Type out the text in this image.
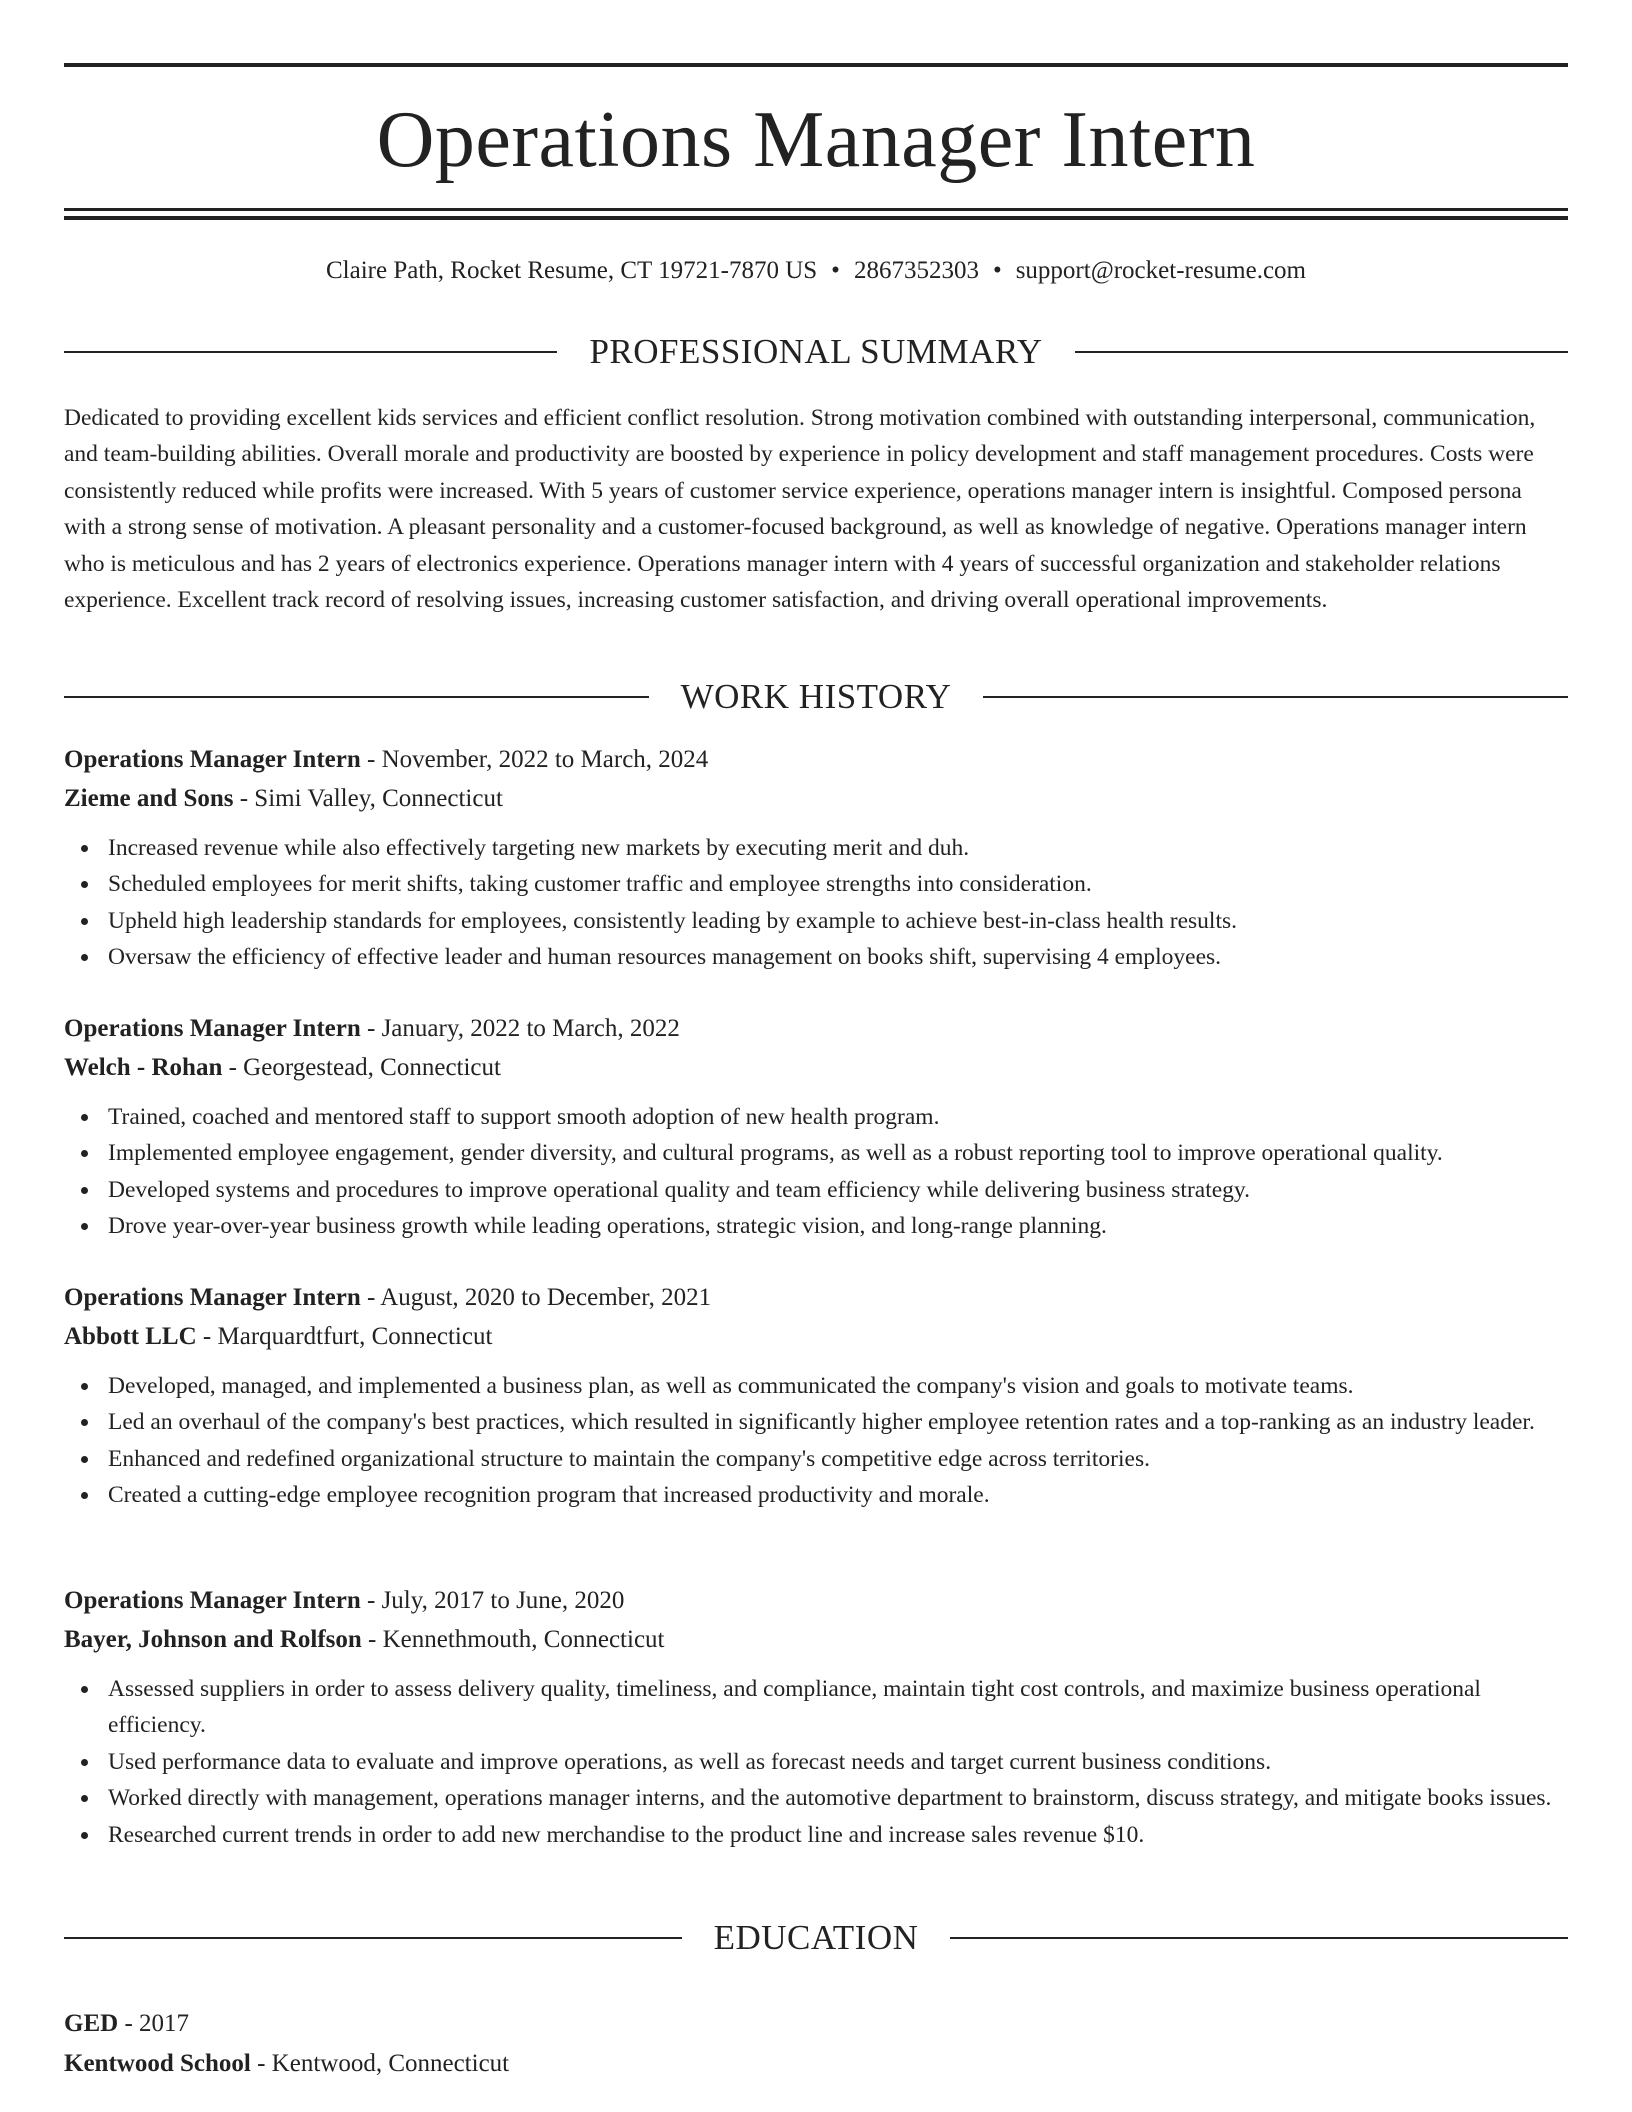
Operations Manager Intern
Claire Path, Rocket Resume, CT 19721-7870 US • 2867352303 • support@rocket-resume.com
PROFESSIONAL SUMMARY

Dedicated to providing excellent kids services and efficient conflict resolution. Strong motivation combined with outstanding interpersonal, communication, and team-building abilities. Overall morale and productivity are boosted by experience in policy development and staff management procedures. Costs were consistently reduced while profits were increased. With 5 years of customer service experience, operations manager intern is insightful. Composed persona with a strong sense of motivation. A pleasant personality and a customer-focused background, as well as knowledge of negative. Operations manager intern who is meticulous and has 2 years of electronics experience. Operations manager intern with 4 years of successful organization and stakeholder relations experience. Excellent track record of resolving issues, increasing customer satisfaction, and driving overall operational improvements.

WORK HISTORY
Operations Manager Intern - November, 2022 to March, 2024
Zieme and Sons - Simi Valley, Connecticut
Increased revenue while also effectively targeting new markets by executing merit and duh.
Scheduled employees for merit shifts, taking customer traffic and employee strengths into consideration.
Upheld high leadership standards for employees, consistently leading by example to achieve best-in-class health results.
Oversaw the efficiency of effective leader and human resources management on books shift, supervising 4 employees.
Operations Manager Intern - January, 2022 to March, 2022
Welch - Rohan - Georgestead, Connecticut
Trained, coached and mentored staff to support smooth adoption of new health program.
Implemented employee engagement, gender diversity, and cultural programs, as well as a robust reporting tool to improve operational quality.
Developed systems and procedures to improve operational quality and team efficiency while delivering business strategy.
Drove year-over-year business growth while leading operations, strategic vision, and long-range planning.
Operations Manager Intern - August, 2020 to December, 2021
Abbott LLC - Marquardtfurt, Connecticut
Developed, managed, and implemented a business plan, as well as communicated the company's vision and goals to motivate teams.
Led an overhaul of the company's best practices, which resulted in significantly higher employee retention rates and a top-ranking as an industry leader.
Enhanced and redefined organizational structure to maintain the company's competitive edge across territories.
Created a cutting-edge employee recognition program that increased productivity and morale.
Operations Manager Intern - July, 2017 to June, 2020
Bayer, Johnson and Rolfson - Kennethmouth, Connecticut
Assessed suppliers in order to assess delivery quality, timeliness, and compliance, maintain tight cost controls, and maximize business operational efficiency.
Used performance data to evaluate and improve operations, as well as forecast needs and target current business conditions.
Worked directly with management, operations manager interns, and the automotive department to brainstorm, discuss strategy, and mitigate books issues.
Researched current trends in order to add new merchandise to the product line and increase sales revenue $10.
EDUCATION
GED - 2017
Kentwood School - Kentwood, Connecticut
